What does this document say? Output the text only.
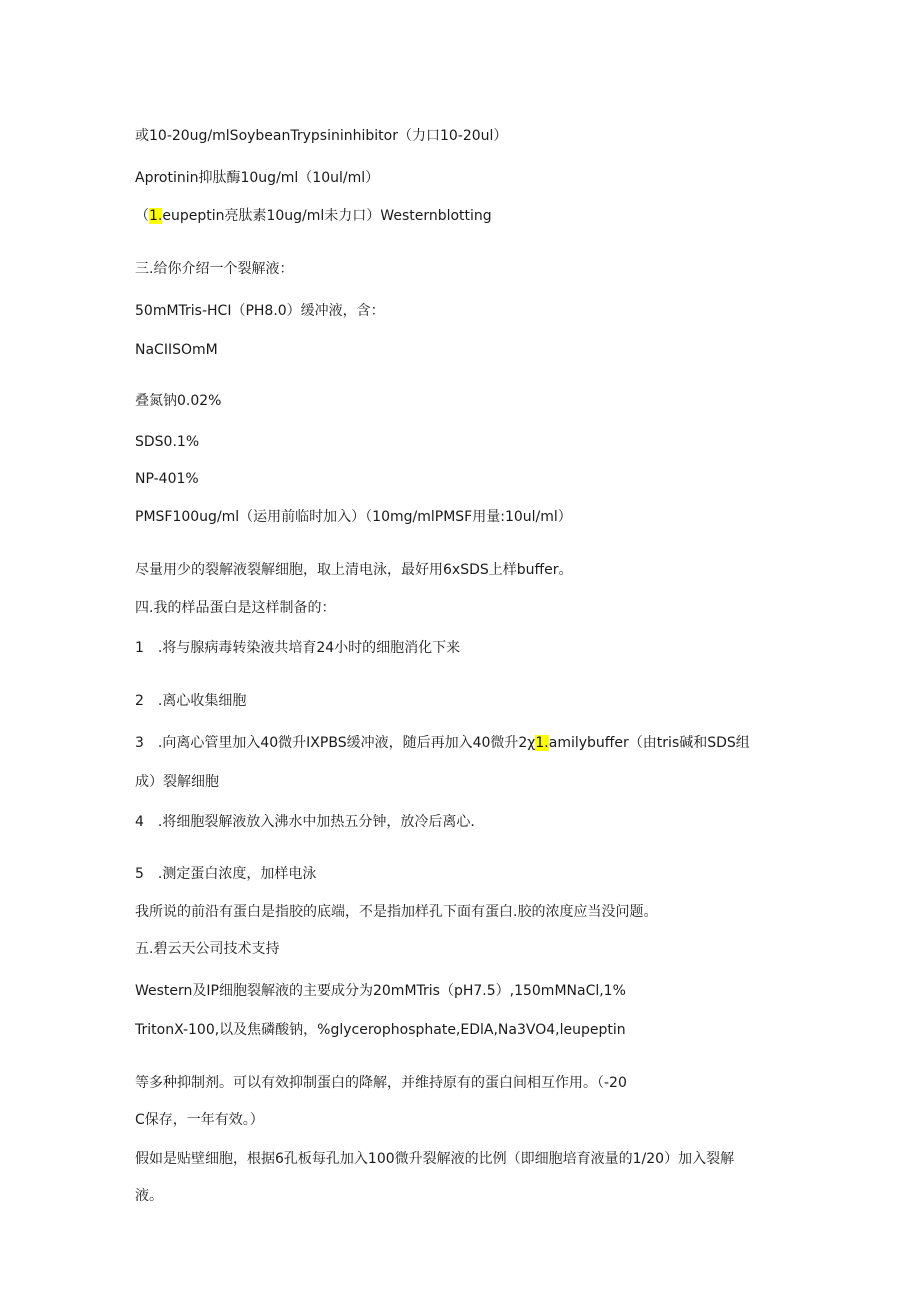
或10-20ug/mlSoybeanTrypsininhibitor（力口10-20ul）
Aprotinin抑肽酶10ug/ml（10ul/ml）
（1.eupeptin亮肽素10ug/ml未力口）Westernblotting
三.给你介绍一个裂解液：
50mMTris-HCI（PH8.0）缓冲液，含：
NaCIISOmM
叠氮钠0.02%
SDS0.1%
NP-401%
PMSF100ug/ml（运用前临时加入）（10mg/mlPMSF用量:10ul/ml）
尽量用少的裂解液裂解细胞，取上清电泳，最好用6xSDS上样buffer。
四.我的样品蛋白是这样制备的：
1 .将与腺病毒转染液共培育24小时的细胞消化下来
2 .离心收集细胞
3 .向离心管里加入40微升IXPBS缓冲液，随后再加入40微升2χ1.amilybuffer（由tris碱和SDS组
成）裂解细胞
4 .将细胞裂解液放入沸水中加热五分钟，放冷后离心.
5 .测定蛋白浓度，加样电泳
我所说的前沿有蛋白是指胶的底端，不是指加样孔下面有蛋白.胶的浓度应当没问题。
五.碧云天公司技术支持
Western及IP细胞裂解液的主要成分为20mMTris（pH7.5）,150mMNaCl,1%
TritonX-100,以及焦磷酸钠，%glycerophosphate,EDlA,Na3VO4,leupeptin
等多种抑制剂。可以有效抑制蛋白的降解，并维持原有的蛋白间相互作用。（-20
C保存，一年有效。）
假如是贴壁细胞，根据6孔板每孔加入100微升裂解液的比例（即细胞培育液量的1/20）加入裂解
液。
